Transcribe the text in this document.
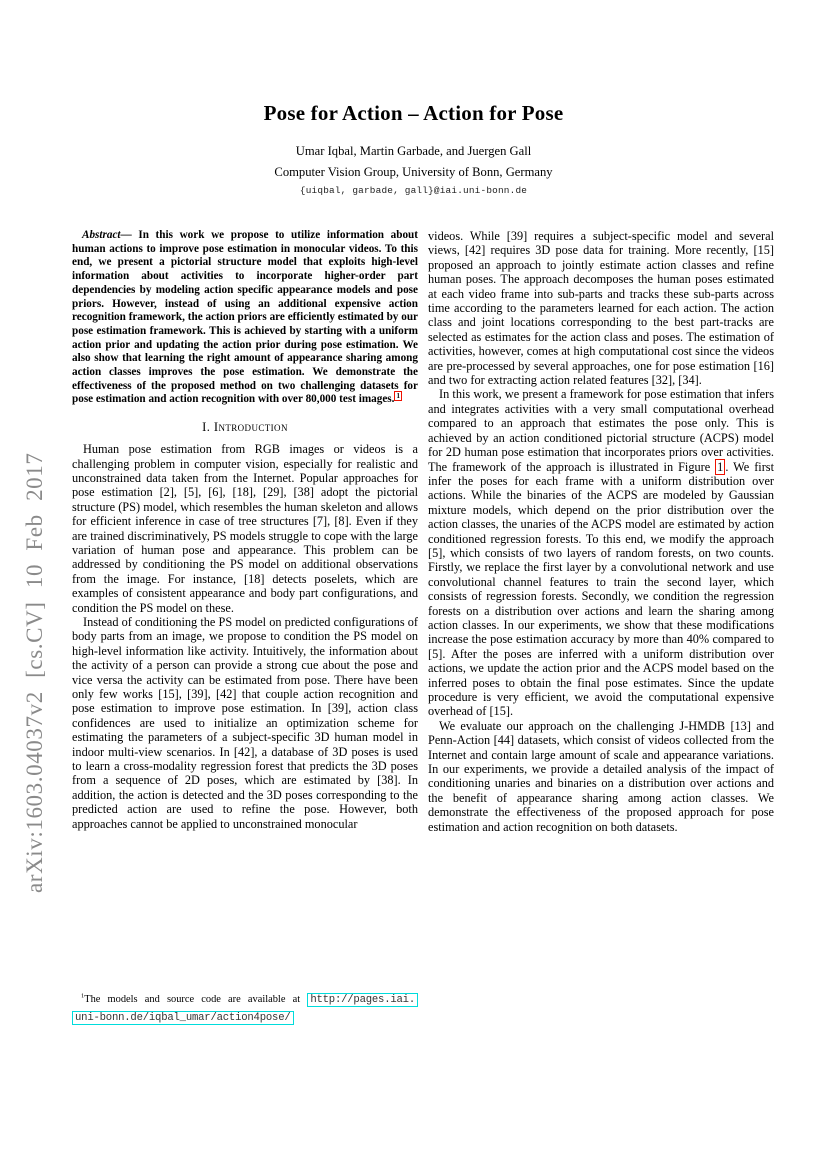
arXiv:1603.04037v2 [cs.CV] 10 Feb 2017
Pose for Action – Action for Pose
Umar Iqbal, Martin Garbade, and Juergen Gall
Computer Vision Group, University of Bonn, Germany
{uiqbal, garbade, gall}@iai.uni-bonn.de

Abstract— In this work we propose to utilize information about human actions to improve pose estimation in monocular videos. To this end, we present a pictorial structure model that exploits high-level information about activities to incorporate higher-order part dependencies by modeling action specific appearance models and pose priors. However, instead of using an additional expensive action recognition framework, the action priors are efficiently estimated by our pose estimation framework. This is achieved by starting with a uniform action prior and updating the action prior during pose estimation. We also show that learning the right amount of appearance sharing among action classes improves the pose estimation. We demonstrate the effectiveness of the proposed method on two challenging datasets for pose estimation and action recognition with over 80,000 test images. $^1$

I. Introduction

Human pose estimation from RGB images or videos is a challenging problem in computer vision, especially for realistic and unconstrained data taken from the Internet. Popular approaches for pose estimation [2], [5], [6], [18], [29], [38] adopt the pictorial structure (PS) model, which resembles the human skeleton and allows for efficient inference in case of tree structures [7], [8]. Even if they are trained discriminatively, PS models struggle to cope with the large variation of human pose and appearance. This problem can be addressed by conditioning the PS model on additional observations from the image. For instance, [18] detects poselets, which are examples of consistent appearance and body part configurations, and condition the PS model on these.

Instead of conditioning the PS model on predicted configurations of body parts from an image, we propose to condition the PS model on high-level information like activity. Intuitively, the information about the activity of a person can provide a strong cue about the pose and vice versa the activity can be estimated from pose. There have been only few works [15], [39], [42] that couple action recognition and pose estimation to improve pose estimation. In [39], action class confidences are used to initialize an optimization scheme for estimating the parameters of a subject-specific 3D human model in indoor multi-view scenarios. In [42], a database of 3D poses is used to learn a cross-modality regression forest that predicts the 3D poses from a sequence of 2D poses, which are estimated by [38]. In addition, the action is detected and the 3D poses corresponding to the predicted action are used to refine the pose. However, both approaches cannot be applied to unconstrained monocular

videos. While [39] requires a subject-specific model and several views, [42] requires 3D pose data for training. More recently, [15] proposed an approach to jointly estimate action classes and refine human poses. The approach decomposes the human poses estimated at each video frame into sub-parts and tracks these sub-parts across time according to the parameters learned for each action. The action class and joint locations corresponding to the best part-tracks are selected as estimates for the action class and poses. The estimation of activities, however, comes at high computational cost since the videos are pre-processed by several approaches, one for pose estimation [16] and two for extracting action related features [32], [34].

In this work, we present a framework for pose estimation that infers and integrates activities with a very small computational overhead compared to an approach that estimates the pose only. This is achieved by an action conditioned pictorial structure (ACPS) model for 2D human pose estimation that incorporates priors over activities. The framework of the approach is illustrated in Figure 1 . We first infer the poses for each frame with a uniform distribution over actions. While the binaries of the ACPS are modeled by Gaussian mixture models, which depend on the prior distribution over the action classes, the unaries of the ACPS model are estimated by action conditioned regression forests. To this end, we modify the approach [5], which consists of two layers of random forests, on two counts. Firstly, we replace the first layer by a convolutional network and use convolutional channel features to train the second layer, which consists of regression forests. Secondly, we condition the regression forests on a distribution over actions and learn the sharing among action classes. In our experiments, we show that these modifications increase the pose estimation accuracy by more than 40% compared to [5]. After the poses are inferred with a uniform distribution over actions, we update the action prior and the ACPS model based on the inferred poses to obtain the final pose estimates. Since the update procedure is very efficient, we avoid the computational expensive overhead of [15].

We evaluate our approach on the challenging J-HMDB [13] and Penn-Action [44] datasets, which consist of videos collected from the Internet and contain large amount of scale and appearance variations. In our experiments, we provide a detailed analysis of the impact of conditioning unaries and binaries on a distribution over actions and the benefit of appearance sharing among action classes. We demonstrate the effectiveness of the proposed approach for pose estimation and action recognition on both datasets.

$^1$The models and source code are available at http://pages.iai.
uni-bonn.de/iqbal_umar/action4pose/
